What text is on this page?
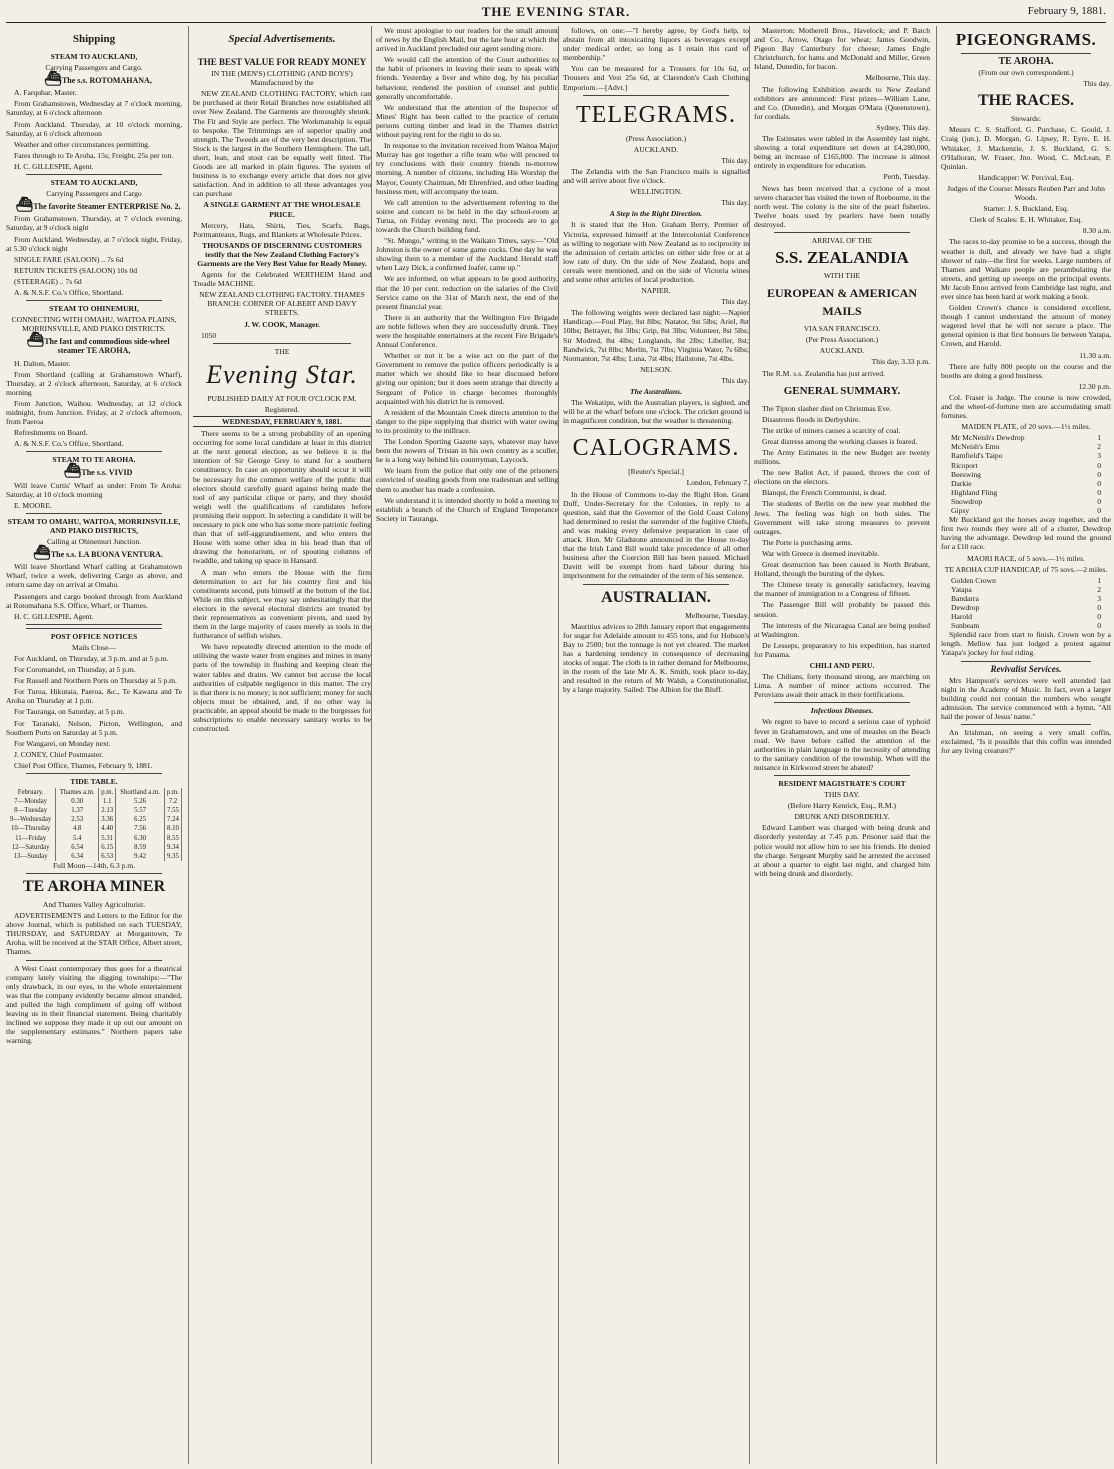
THE EVENING STAR.	February 9, 1881.
Shipping

STEAM TO AUCKLAND,

Carrying Passengers and Cargo.

⛴The s.s. ROTOMAHANA,

A. Farquhar, Master.

From Grahamstown, Wednesday at 7 o'clock morning, Saturday, at 6 o'clock afternoon

From Auckland. Thursday, at 10 o'clock morning, Saturday, at 6 o'clock afternoon

Weather and other circumstances permitting.

Fares through to Te Aroha, 15s; Freight, 25s per ton.

H. C. GILLESPIE, Agent.

STEAM TO AUCKLAND,

Carrying Passengers and Cargo

⛴The favorite Steamer ENTERPRISE No. 2,

From Grahamstown. Thursday, at 7 o'clock evening, Saturday, at 9 o'clock night

From Auckland. Wednesday, at 7 o'clock night, Friday, at 5.30 o'clock night

SINGLE FARE (SALOON) .. 7s 6d

RETURN TICKETS (SALOON) 10s 0d

(STEERAGE) .. 7s 6d

A. & N.S.F. Co.'s Office, Shortland.

STEAM TO OHINEMURI,

CONNECTING WITH OMAHU, WAITOA PLAINS, MORRINSVILLE, AND PIAKO DISTRICTS.

⛴The fast and commodious side-wheel steamer TE AROHA,

H. Dalton, Master.

From Shortland (calling at Grahamstown Wharf), Thursday, at 2 o'clock afternoon, Saturday, at 6 o'clock morning

From Junction, Waihou. Wednesday, at 12 o'clock midnight, from Junction. Friday, at 2 o'clock afternoon, from Paeroa

Refreshments on Board.

A. & N.S.F. Co.'s Office, Shortland.

STEAM TO TE AROHA.

⛴The s.s. VIVID

Will leave Curtis' Wharf as under: From Te Aroha: Saturday, at 10 o'clock morning

E. MOORE.

STEAM TO OMAHU, WAITOA, MORRINSVILLE, AND PIAKO DISTRICTS,

Calling at Ohinemuri Junction.

⛴The s.s. LA BUONA VENTURA.

Will leave Shortland Wharf calling at Grahamstown Wharf, twice a week, delivering Cargo as above, and return same day on arrival at Omahu.

Passengers and cargo booked through from Auckland at Rotomahana S.S. Office, Wharf, or Thames.

H. C. GILLESPIE, Agent.

POST OFFICE NOTICES

Mails Close—

For Auckland, on Thursday, at 3 p.m. and at 5 p.m.

For Coromandel, on Thursday, at 5 p.m.

For Russell and Northern Ports on Thursday at 5 p.m.

For Turua, Hikutaia, Paeroa, &c., Te Kawana and Te Aroha on Thursday at 1 p.m.

For Tauranga, on Saturday, at 5 p.m.

For Taranaki, Nelson, Picton, Wellington, and Southern Ports on Saturday at 5 p.m.

For Wangarei, on Monday next.

J. CONEY, Chief Postmaster.

Chief Post Office, Thames, February 9, 1881.

TIDE TABLE.

February.	Thames a.m.	p.m.	Shortland a.m.	p.m.
7—Monday	0.30	1.1	5.26	7.2
8—Tuesday	1.37	2.13	5.57	7.55
9—Wednesday	2.53	3.36	6.25	7.24
10—Thursday	4.8	4.40	7.56	8.10
11—Friday	5.4	5.31	6.30	8.55
12—Saturday	6.54	6.15	8.59	9.34
13—Sunday	6.34	6.53	9.42	9.35

Full Moon—14th, 6.3 p.m.

TE AROHA MINER

And Thames Valley Agriculturist.

ADVERTISEMENTS and Letters to the Editor for the above Journal, which is published on each TUESDAY, THURSDAY, and SATURDAY at Morgantown, Te Aroha, will be received at the STAR Office, Albert street, Thames.

A West Coast contemporary thus goes for a theatrical company lately visiting the digging townships:—"The only drawback, in our eyes, to the whole entertainment was that the company evidently became almost stranded, and pulled the high compliment of going off without leaving us in their financial statement. Being charitably inclined we suppose they made it up out our amount on the supplementary estimates." Northern papers take warning.

Special Advertisements.

THE BEST VALUE FOR READY MONEY

IN THE (MEN'S) CLOTHING (AND BOYS') Manufactured by the

NEW ZEALAND CLOTHING FACTORY, which can be purchased at their Retail Branches now established all over New Zealand. The Garments are thoroughly shrunk. The Fit and Style are perfect. The Workmanship is equal to bespoke. The Trimmings are of superior quality and strength. The Tweeds are of the very best description. The Stock is the largest in the Southern Hemisphere. The tall, short, lean, and stout can be equally well fitted. The Goods are all marked in plain figures. The system of business is to exchange every article that does not give satisfaction. And in addition to all these advantages you can purchase

A SINGLE GARMENT AT THE WHOLESALE PRICE.

Mercery, Hats, Shirts, Ties, Scarfs, Bags, Portmanteaux, Rugs, and Blankets at Wholesale Prices.

THOUSANDS OF DISCERNING CUSTOMERS testify that the New Zealand Clothing Factory's Garments are the Very Best Value for Ready Money.

Agents for the Celebrated WERTHEIM Hand and Treadle MACHINE.

NEW ZEALAND CLOTHING FACTORY. THAMES BRANCH: CORNER OF ALBERT AND DAVY STREETS.

J. W. COOK, Manager.

1050

THE

Evening Star.

PUBLISHED DAILY AT FOUR O'CLOCK P.M.

Registered.

WEDNESDAY, FEBRUARY 9, 1881.

There seems to be a strong probability of an opening occurring for some local candidate at least in this district at the next general election, as we believe it is the intention of Sir George Grey to stand for a southern constituency. In case an opportunity should occur it will be necessary for the common welfare of the public that electors should carefully guard against being made the tool of any particular clique or party, and they should weigh well the qualifications of candidates before promising their support. In selecting a candidate it will be necessary to pick one who has some more patriotic feeling than that of self-aggrandisement, and who enters the House with some other idea in his head than that of drawing the honorarium, or of spouting columns of twaddle, and taking up space in Hansard.

A man who enters the House with the firm determination to act for his country first and his constituents second, puts himself at the bottom of the list. While on this subject, we may say unhesitatingly that the electors in the several electoral districts are treated by their representatives as convenient pivots, and used by them in the large majority of cases merely as tools in the furtherance of selfish wishes.

We have repeatedly directed attention to the mode of utilising the waste water from engines and mines in many parts of the township in flushing and keeping clean the water tables and drains. We cannot but accuse the local authorities of culpable negligence in this matter. The cry is that there is no money; is not sufficient; money for such objects must be obtained, and, if no other way is practicable, an appeal should be made to the burgesses for subscriptions to enable necessary sanitary works to be constructed.

We must apologise to our readers for the small amount of news by the English Mail, but the late hour at which the arrived in Auckland precluded our agent sending more.

We would call the attention of the Court authorities to the habit of prisoners in leaving their seats to speak with friends. Yesterday a liver and white dog, by his peculiar behaviour, rendered the position of counsel and public generally uncomfortable.

We understand that the attention of the Inspector of Mines' Right has been called to the practice of certain persons cutting timber and lead in the Thames district without paying rent for the right to do so.

In response to the invitation received from Waitoa Major Murray has got together a rifle team who will proceed to try conclusions with their country friends to-morrow morning. A number of citizens, including His Worship the Mayor, County Chairman, Mr Ehrenfried, and other leading business men, will accompany the team.

We call attention to the advertisement referring to the soiree and concert to be held in the day school-room at Turua, on Friday evening next. The proceeds are to go towards the Church building fund.

"St. Mungo," writing in the Waikato Times, says:—"Old Johnston is the owner of some game cocks. One day he was showing them to a member of the Auckland Herald staff when Lazy Dick, a confirmed loafer, came up."

We are informed, on what appears to be good authority, that the 10 per cent. reduction on the salaries of the Civil Service came on the 31st of March next, the end of the present financial year.

There is an authority that the Wellington Fire Brigade are noble fellows when they are successfully drunk. They were the hospitable entertainers at the recent Fire Brigade's Annual Conference.

Whether or not it be a wise act on the part of the Government to remove the police officers periodically is a matter which we should like to hear discussed before giving our opinion; but it does seem strange that directly a Sergeant of Police in charge becomes thoroughly acquainted with his district he is removed.

A resident of the Mountain Creek directs attention to the danger to the pipe supplying that district with water owing to its proximity to the millrace.

The London Sporting Gazette says, whatever may have been the nowers of Tristan in his own country as a sculler, he is a long way behind his countryman, Laycock.

We learn from the police that only one of the prisoners convicted of stealing goods from one tradesman and selling them to another has made a confession.

We understand it is intended shortly to hold a meeting to establish a branch of the Church of England Temperance Society in Tauranga.

follows, on one:—"I hereby agree, by God's help, to abstain from all intoxicating liquors as beverages except under medical order, so long as I retain this card of membership."

You can be measured for a Trousers for 10s 6d, or Trousers and Vest 25s 6d, at Clarendon's Cash Clothing Emporium.—[Advt.]

TELEGRAMS.

(Press Association.)

AUCKLAND.

This day.

The Zelandia with the San Francisco mails is signalled and will arrive about five o'clock.

WELLINGTON.

This day.

A Step in the Right Direction.

It is stated that the Hon. Graham Berry, Premier of Victoria, expressed himself at the Intercolonial Conference as willing to negotiate with New Zealand as to reciprocity in the admission of certain articles on either side free or at a low rate of duty. On the side of New Zealand, hops and cereals were mentioned, and on the side of Victoria wines and some other articles of local production.

NAPIER.

This day.

The following weights were declared last night:—Napier Handicap.—Foul Play, 9st 8lbs; Natator, 9st 5lbs; Ariel, 8st 10lbs; Betrayer, 8st 3lbs; Grip, 8st 3lbs; Volunteer, 8st 5lbs; Sir Modred, 8st 4lbs; Longlands, 8st 2lbs; Libeller, 8st; Randwick, 7st 8lbs; Merlin, 7st 7lbs; Virginia Water, 7s 6lbs; Normanton, 7st 4lbs; Luna, 7st 4lbs; Hailstone, 7st 4lbs.

NELSON.

This day.

The Australians.

The Wekatipu, with the Australian players, is sighted, and will be at the wharf before one o'clock. The cricket ground is in magnificent condition, but the weather is threatening.

CALOGRAMS.

[Reuter's Special.]

London, February 7.

In the House of Commons to-day the Right Hon. Grant Duff, Under-Secretary for the Colonies, in reply to a question, said that the Governor of the Gold Coast Colony had determined to resist the surrender of the fugitive Chiefs, and was making every defensive preparation in case of attack. Hon. Mr Gladstone announced in the House to-day that the Irish Land Bill would take precedence of all other business after the Coercion Bill has been passed. Michael Davitt will be exempt from hard labour during his imprisonment for the remainder of the term of his sentence.

AUSTRALIAN.

Melbourne, Tuesday.

Mauritius advices to 28th January report that engagements for sugar for Adelaide amount to 455 tons, and for Hobson's Bay to 2500; but the tonnage is not yet cleared. The market has a hardening tendency in consequence of decreasing stocks of sugar. The cloth is in rather demand for Melbourne, in the room of the late Mr A. K. Smith, took place to-day, and resulted in the return of Mr Walsh, a Constitutionalist, by a large majority. Sailed: The Albion for the Bluff.

Masterton; Motherell Bros., Havelock; and P. Batch and Co., Arrow, Otago for wheat; James Goodwin, Pigeon Bay Canterbury for cheese; James Engle Christchurch, for hams and McDonald and Miller, Green Island, Dunedin, for bacon.

Melbourne, This day.

The following Exhibition awards to New Zealand exhibitors are announced: First prizes—William Lane, and Co. (Dunedin), and Morgan O'Mara (Queenstown), for cordials.

Sydney, This day.

The Estimates were tabled in the Assembly last night, showing a total expenditure set down at £4,280,000, being an increase of £165,000. The increase is almost entirely in expenditure for education.

Perth, Tuesday.

News has been received that a cyclone of a most severe character has visited the town of Roebourne, in the north west. The colony is the site of the pearl fisheries. Twelve boats used by pearlers have been totally destroyed.

ARRIVAL OF THE

S.S. ZEALANDIA

WITH THE

EUROPEAN & AMERICAN MAILS

VIA SAN FRANCISCO.

(Per Press Association.)

AUCKLAND.

This day, 3.33 p.m.

The R.M. s.s. Zealandia has just arrived.

GENERAL SUMMARY.

The Tipton slasher died on Christmas Eve.

Disastrous floods in Derbyshire.

The strike of miners causes a scarcity of coal.

Great distress among the working classes is feared.

The Army Estimates in the new Budget are twenty millions.

The new Ballot Act, if passed, throws the cost of elections on the electors.

Blanqui, the French Communist, is dead.

The students of Berlin on the new year mobbed the Jews. The feeling was high on both sides. The Government will take strong measures to prevent outrages.

The Porte is purchasing arms.

War with Greece is deemed inevitable.

Great destruction has been caused in North Brabant, Holland, through the bursting of the dykes.

The Chinese treaty is generally satisfactory, leaving the manner of immigration to a Congress of fifteen.

The Passenger Bill will probably be passed this session.

The interests of the Nicaragua Canal are being pushed at Washington.

De Lesseps, preparatory to his expedition, has started for Panama.

CHILI AND PERU.

The Chilians, forty thousand strong, are marching on Lima. A number of minor actions occurred. The Peruvians await their attack in their fortifications.

Infectious Diseases.

We regret to have to record a serious case of typhoid fever in Grahamstown, and one of measles on the Beach road. We have before called the attention of the authorities in plain language to the necessity of attending to the sanitary condition of the township. When will the nuisance in Kirkwood street be abated?

RESIDENT MAGISTRATE'S COURT

THIS DAY.

(Before Harry Kenrick, Esq., R.M.)

DRUNK AND DISORDERLY.

Edward Lambert was charged with being drunk and disorderly yesterday at 7.45 p.m. Prisoner said that the police would not allow him to see his friends. He denied the charge. Sergeant Murphy said he arrested the accused at about a quarter to eight last night, and charged him with being drunk and disorderly.

PIGEONGRAMS.

TE AROHA.

(From our own correspondent.)

This day.

THE RACES.

Stewards:

Messrs C. S. Stafford, G. Purchase, C. Gould, J. Craig (jun.), D. Morgan, G. Lipsey, R. Eyre, E. H. Whitaker, J. Mackenzie, J. S. Buckland, G. S. O'Halloran, W. Fraser, Jno. Wood, C. McLean, P. Quinlan.

Handicapper: W. Percival, Esq.

Judges of the Course: Messrs Reuben Parr and John Woods.

Starter: J. S. Buckland, Esq.

Clerk of Scales: E. H. Whitaker, Esq.

8.30 a.m.

The races to-day promise to be a success, though the weather is dull, and already we have had a slight shower of rain—the first for weeks. Large numbers of Thames and Waikato people are perambulating the streets, and getting up sweeps on the principal events. Mr Jacob Enoo arrived from Cambridge last night, and ever since has been hard at work making a book.

Golden Crown's chance is considered excellent, though I cannot understand the amount of money wagered level that he will not secure a place. The general opinion is that first honours lie between Yatapa, Crown, and Harold.

11.30 a.m.

There are fully 800 people on the course and the booths are doing a good business.

12.30 p.m.

Col. Fraser is Judge. The course is now crowded, and the wheel-of-fortune men are accumulating small fortunes.

MAIDEN PLATE, of 20 sovs.—1½ miles.

Mr McNeish's Dewdrop	1
McNeish's Emu	2
Ramfield's Taipo	3
Ricoport	0
Beeswing	0
Darkie	0
Highland Fling	0
Snowdrop	0
Gipsy	0

Mr Buckland got the horses away together, and the first two rounds they were all of a cluster, Dewdrop having the advantage. Dewdrop led round the ground for a £10 race.

MAORI RACE, of 5 sovs.—1½ miles.

TE AROHA CUP HANDICAP, of 75 sovs.—2 miles.

Golden Crown	1
Yatapa	2
Bandarra	3
Dewdrop	0
Harold	0
Sunbeam	0

Splendid race from start to finish. Crown won by a length. Mellow has just lodged a protest against Yatapa's jockey for foul riding.

Revivalist Services.

Mrs Hampson's services were well attended last night in the Academy of Music. In fact, even a larger building could not contain the numbers who sought admission. The service commenced with a hymn, "All hail the power of Jesus' name."

An Irishman, on seeing a very small coffin, exclaimed, "Is it possible that this coffin was intended for any living creature?"
